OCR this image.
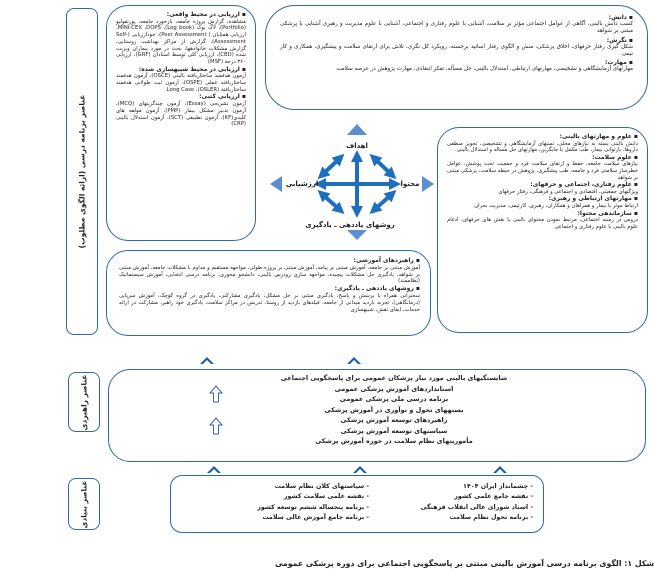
عناصر برنامه درسی (ارائه الگوی مطلوب)
عناصر راهبردی
عناصر بنیادی
▪ دانش:

کسب دانش بالینی، آگاهی از عوامل اجتماعی مؤثر بر سلامت، آشنایی با علوم رفتاری و اجتماعی، آشنایی با علوم مدیریت و رهبری آشنایی با پزشکی مبتنی بر شواهد

▪ نگرش:

شکل گیری رفتار حرفهای، اخلاق پزشکی، منش و الگوی رفتار اساتید برجسته، رویکرد کل نگری، تلاش برای ارتقای سلامت و پیشگیری، همکاری و کار تیمی

▪ مهارت:

مهارتهای آزمایشگاهی و تشخیصی، مهارتهای ارتباطی، استدلال بالینی، حل مسأله، تفکر انتقادی، مهارت پژوهش در عرصه سلامت

▪ ارزیابی در محیط واقعی:

مشاهده، گزارش پروژه جامعه، بازخورد جامعه، پورتفولیو (Portfolio)، لاگ بوک (Log book)، MINI-CEX ،DOPS، ارزیابی همتایان ( Peer Assessment)، خودارزیابی (Self-Assessment)، گزارش از مراکز بهداشت روستایی، گزارش مشکلات خانوادهها، بحث در مورد بیماران ویزیت شده (CBD)، ارزیابی کلی توسط استادان (GRF)، ارزیابی ۳۶۰ درجه (MSF)

▪ ارزیابی در محیط شبیهسازی شده:

آزمون هدفمند ساختاریافته بالینی (OSCE)، آزمون هدفمند ساختاریافته عملی (OSPE)، آزمون ثبت طولانی هدفمند ساختاریافته (OSLER)، Long Case

▪ ارزیابی کتبی:

آزمون تشریحی (Essay)، آزمون چندگزینهای (MCQ)، آزمون تدبیر مشکل بیمار (PMP)، آزمون مولفه های کلیدی(KF)، آزمون تطبیقی (SCT)، آزمون استدلال بالینی (CRP)

▪ علوم و مهارتهای بالینی:

دانش بالینی بسته به نیازهای محلی، تستهای آزمایشگاهی و تشخیصی، تجویز منطقی داروها، بازتوانی بیمار، طب مکمل یا جایگزین، مهارتهای حل مساله و استدلال بالینی.

▪ علوم سلامت:

نیازهای سلامت جامعه، حفظ و ارتقای سلامت فرد و جمعیت تحت پوشش، عوامل خطرساز سلامتی فرد و جامعه، طب پیشگیری، پژوهش در حیطه سلامت، پزشکی مبتنی بر شواهد

▪ علوم رفتاری، اجتماعی و حرفهای:

ویژگیهای جمعیتی، اقتصادی و اجتماعی و فرهنگی، رفتار حرفهای

▪ مهارتهای ارتباطی و رهبری:

ارتباط موثر با بیمار و همراهان و همکاران، رهبری، کارتیمی، مدیریت بحران

▪ سازماندهی محتوا:

دروس در زمینه اجتماعی، مرتبط نمودن محتوای بالینی با نقش های حرفهای، ادغام علوم بالینی با علوم رفتاری و اجتماعی

▪ راهبردهای آموزشی:

آموزش مبتنی بر جامعه، آموزش مبتنی بر پیامد، آموزش مبتنی بر پروژه طولی، مواجهه مستقیم و مداوم با مشکلات جامعه، آموزش مبتنی بر شواهد، یادگیری حل مشکلات پیچیده، مواجهه سازی زودرس بالینی، دانشجو محوری، برنامه درسی انتخابی، آموزش سیستماتیک (نظاممند)

▪ روشهای یاددهی ـ یادگیری:

سخنرانی همراه با پرسش و پاسخ، یادگیری مبتنی بر حل مشکل، یادگیری مشارکتی، یادگیری در گروه کوچک، آموزش سرپایی (درمانگاهی)، تجربه بازدید میدانی از جامعه، فیلدهای بازدید از روستا، تدریس در مراکز سلامت، یادگیری خود راهبر، مشارکت در ارائه خدمات، ایفای نقش، شبیهسازی

اهداف
ارزشیابی	محتوا
روشهای یاددهی ـ یادگیری
شایستگیهای بالینی مورد نیاز پزشکان عمومی برای پاسخگویی اجتماعی
استانداردهای آموزش پزشکی عمومی
برنامه درسی ملی پزشکی عمومی
بستههای تحول و نوآوری در آموزش پزشکی
راهبردهای توسعه آموزش پزشکی
سیاستهای توسعه آموزش پزشکی
مأموریتهای نظام سلامت در حوزه آموزش پزشکی
- چشمانداز ایران ۱۴۰۴
- نقشه جامع علمی کشور
- اسناد شورای عالی انقلاب فرهنگی
- برنامه تحول نظام سلامت
- سیاستهای کلان نظام سلامت
- نقشه علمی سلامت کشور
- برنامه پنجساله ششم توسعه کشور
- برنامه جامع آموزش عالی سلامت
شکل ۱: الگوی برنامه درسی آموزش بالینی مبتنی بر پاسخگویی اجتماعی برای دوره پزشکی عمومی
